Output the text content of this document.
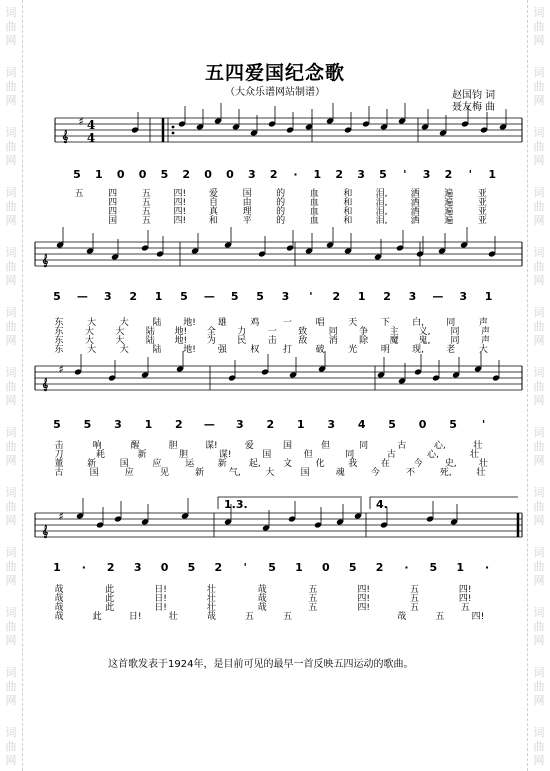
词
曲
网
词
曲
网
词
曲
网
词
曲
网
词
曲
网
词
曲
网
词
曲
网
词
曲
网
词
曲
网
词
曲
网
词
曲
网
词
曲
网
词
曲
网
词
曲
网
词
曲
网
词
曲
网
词
曲
网
词
曲
网
词
曲
网
词
曲
网
词
曲
网
词
曲
网
词
曲
网
词
曲
网
词
曲
网
词
曲
网
五四爱国纪念歌
（大众乐谱网站制谱）	赵国钧 词
聂友梅 曲
𝄞
♯ 4
4
5 1 0 0 5 2 0 0 3 2 · 1 2 3 5 ' 3 2 ' 1
五	四	五	四!	爱	国	的	血	和	泪,	洒	遍	亚
四	五	四!	自	由	的	血	和	泪,	洒	遍	亚
四	五	四!	真	理	的	血	和	泪,	洒	遍	亚
国	五	四!	和	平	的	血	和	泪,	洒	遍	亚
𝄞
5 — 3 2 1 5 — 5 5 3 ' 2 1 2 3 — 3 1
东	大	大	陆 地! 雄	鸡	一	唱	天	下 白, 同	声
东 大 大 陆 地! 全 力 一 致 同 争 主 义, 同 声
东 大 大 陆 地! 为 民 击 敌 消 除 魔 鬼, 同 声
东	大	大	陆 地! 强	权	打	破	光	明 现, 老	大
𝄞
♯
5 5 3 1 2 — 3 2 1 3 4 5 0 5 '
击	响	醒	胆	谋!	爱	国	但	同	古	心,	壮
刀	耗	新	胆	谋!	国	但	同	古	心,	壮
董	新	国	应	运	新 起, 文	化	我	在	今 史, 壮
古	国	应	见	新	气,	大	国	魂	今	不	死,	壮
𝄞
♯
1 · 2 3 0 5 2 ' 5 1 0 5 2 · 5 1 ·
哉	此	日!	壮	哉	五	四!	五	四!
哉	此	日!	壮	哉	五	四!	五	四!
哉	此	日!	壮	哉	五	四!	五	五
哉	此	日!	壮	哉	五	五	哉	五	四!
1.3.	4.
这首歌发表于1924年，是目前可见的最早一首反映五四运动的歌曲。
